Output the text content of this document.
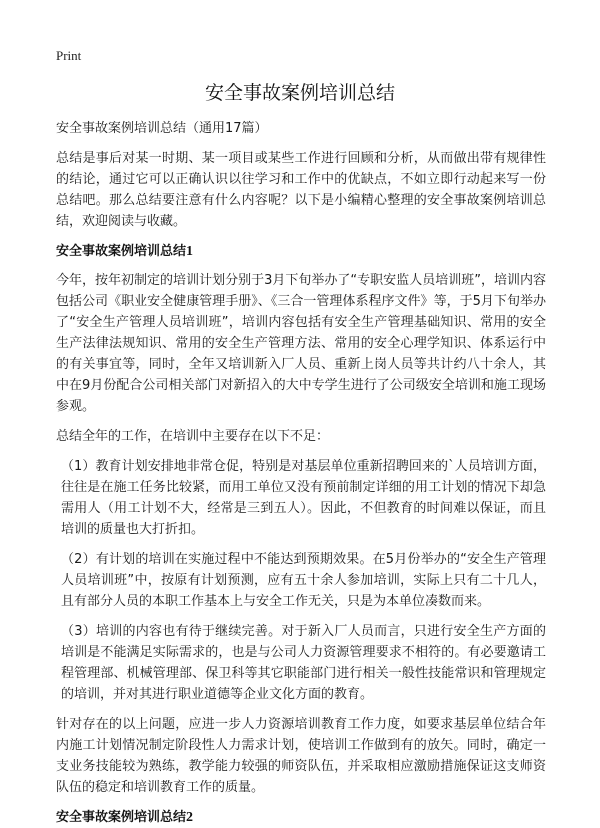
Print
安全事故案例培训总结
安全事故案例培训总结（通用17篇）
总结是事后对某一时期、某一项目或某些工作进行回顾和分析，从而做出带有规律性的结论，通过它可以正确认识以往学习和工作中的优缺点，不如立即行动起来写一份总结吧。那么总结要注意有什么内容呢？以下是小编精心整理的安全事故案例培训总结，欢迎阅读与收藏。
安全事故案例培训总结1
今年，按年初制定的培训计划分别于3月下旬举办了“专职安监人员培训班”，培训内容包括公司《职业安全健康管理手册》、《三合一管理体系程序文件》等，于5月下旬举办了“安全生产管理人员培训班”，培训内容包括有安全生产管理基础知识、常用的安全生产法律法规知识、常用的安全生产管理方法、常用的安全心理学知识、体系运行中的有关事宜等，同时，全年又培训新入厂人员、重新上岗人员等共计约八十余人，其中在9月份配合公司相关部门对新招入的大中专学生进行了公司级安全培训和施工现场参观。
总结全年的工作，在培训中主要存在以下不足：
（1）教育计划安排地非常仓促，特别是对基层单位重新招聘回来的`人员培训方面，往往是在施工任务比较紧，而用工单位又没有预前制定详细的用工计划的情况下却急需用人（用工计划不大，经常是三到五人）。因此，不但教育的时间难以保证，而且培训的质量也大打折扣。
（2）有计划的培训在实施过程中不能达到预期效果。在5月份举办的“安全生产管理人员培训班”中，按原有计划预测，应有五十余人参加培训，实际上只有二十几人，且有部分人员的本职工作基本上与安全工作无关，只是为本单位凑数而来。
（3）培训的内容也有待于继续完善。对于新入厂人员而言，只进行安全生产方面的培训是不能满足实际需求的，也是与公司人力资源管理要求不相符的。有必要邀请工程管理部、机械管理部、保卫科等其它职能部门进行相关一般性技能常识和管理规定的培训，并对其进行职业道德等企业文化方面的教育。
针对存在的以上问题，应进一步人力资源培训教育工作力度，如要求基层单位结合年内施工计划情况制定阶段性人力需求计划，使培训工作做到有的放矢。同时，确定一支业务技能较为熟练，教学能力较强的师资队伍，并采取相应激励措施保证这支师资队伍的稳定和培训教育工作的质量。
安全事故案例培训总结2
